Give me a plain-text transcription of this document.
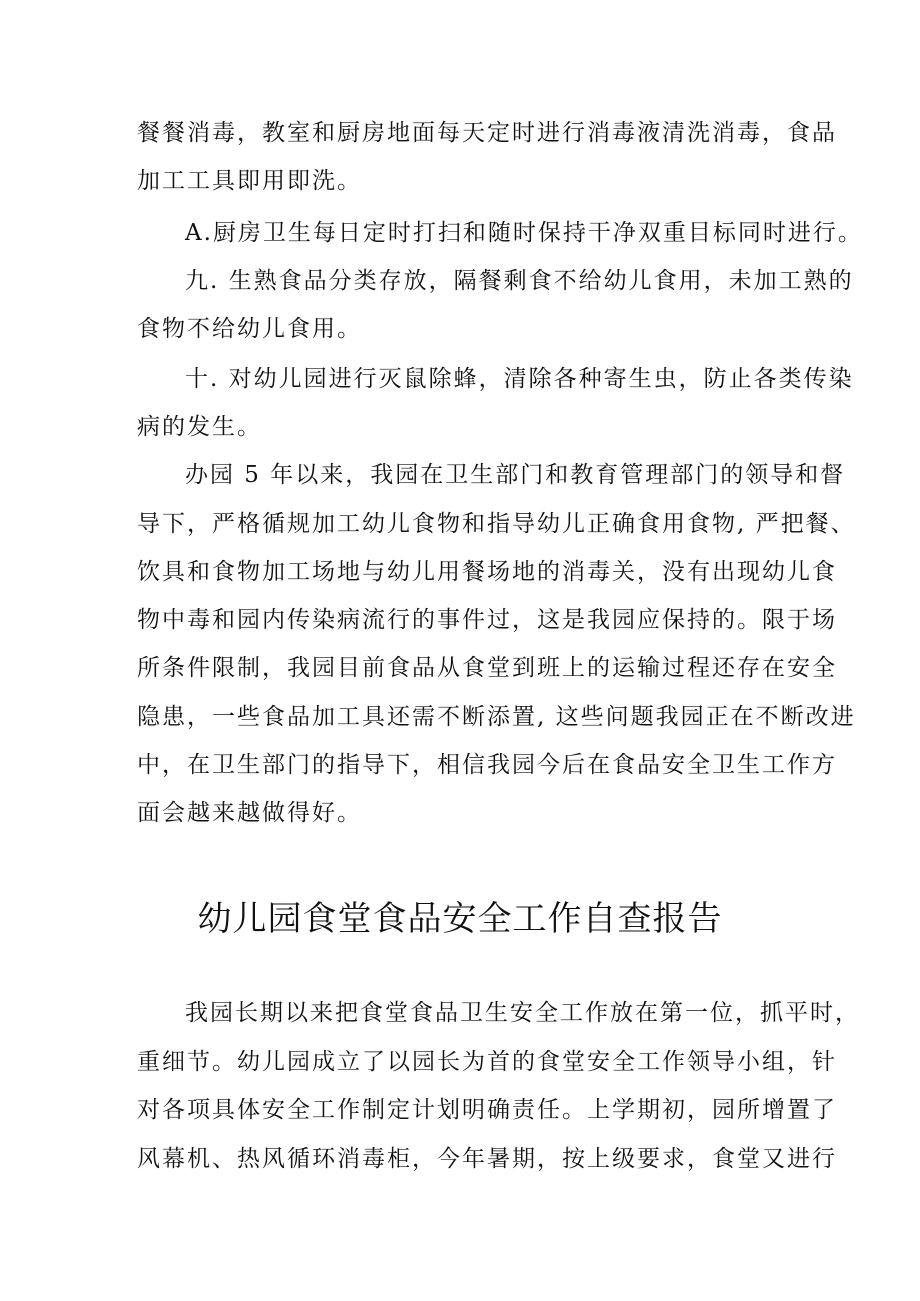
餐餐消毒，教室和厨房地面每天定时进行消毒液清洗消毒，食品
加工工具即用即洗。
A.厨房卫生每日定时打扫和随时保持干净双重目标同时进行。
九. 生熟食品分类存放，隔餐剩食不给幼儿食用，未加工熟的
食物不给幼儿食用。
十. 对幼儿园进行灭鼠除蜂，清除各种寄生虫，防止各类传染
病的发生。
办园 5 年以来，我园在卫生部门和教育管理部门的领导和督
导下，严格循规加工幼儿食物和指导幼儿正确食用食物, 严把餐、
饮具和食物加工场地与幼儿用餐场地的消毒关，没有出现幼儿食
物中毒和园内传染病流行的事件过，这是我园应保持的。限于场
所条件限制，我园目前食品从食堂到班上的运输过程还存在安全
隐患，一些食品加工具还需不断添置, 这些问题我园正在不断改进
中，在卫生部门的指导下，相信我园今后在食品安全卫生工作方
面会越来越做得好。
幼儿园食堂食品安全工作自查报告
我园长期以来把食堂食品卫生安全工作放在第一位，抓平时，
重细节。幼儿园成立了以园长为首的食堂安全工作领导小组，针
对各项具体安全工作制定计划明确责任。上学期初，园所增置了
风幕机、热风循环消毒柜，今年暑期，按上级要求，食堂又进行
